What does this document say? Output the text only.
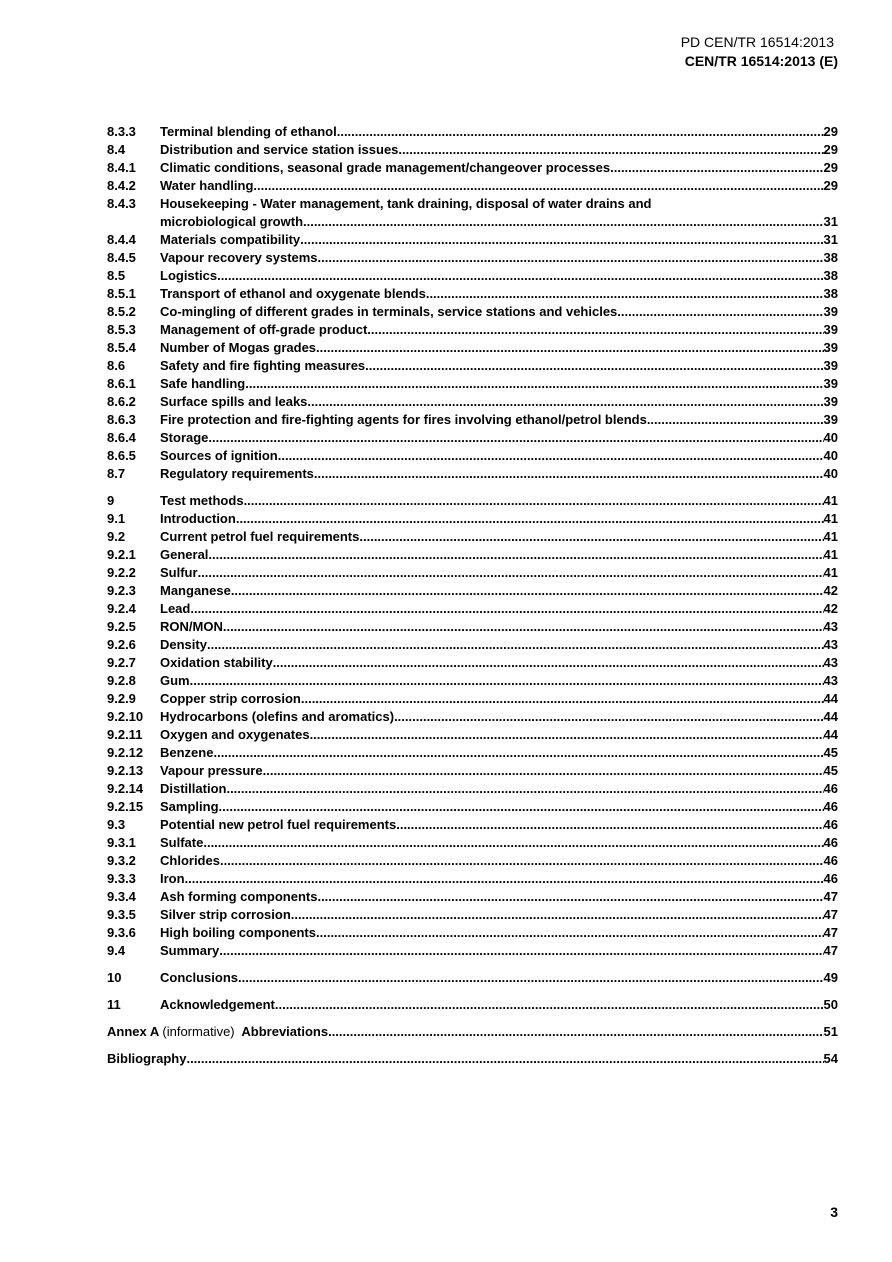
PD CEN/TR 16514:2013
CEN/TR 16514:2013 (E)
8.3.3 Terminal blending of ethanol .....	29
8.4	Distribution and service station issues .....	29
8.4.1 Climatic conditions, seasonal grade management/changeover processes .....	29
8.4.2 Water handling .....	29
8.4.3 Housekeeping - Water management, tank draining, disposal of water drains and
microbiological growth .....	31
8.4.4 Materials compatibility .....	31
8.4.5 Vapour recovery systems .....	38
8.5	Logistics .....	38
8.5.1 Transport of ethanol and oxygenate blends .....	38
8.5.2 Co-mingling of different grades in terminals, service stations and vehicles .....	39
8.5.3 Management of off-grade product .....	39
8.5.4 Number of Mogas grades .....	39
8.6	Safety and fire fighting measures .....	39
8.6.1 Safe handling .....	39
8.6.2 Surface spills and leaks .....	39
8.6.3 Fire protection and fire-fighting agents for fires involving ethanol/petrol blends .....	39
8.6.4 Storage .....	40
8.6.5 Sources of ignition .....	40
8.7	Regulatory requirements .....	40
9	Test methods .....	41
9.1	Introduction .....	41
9.2	Current petrol fuel requirements .....	41
9.2.1 General .....	41
9.2.2 Sulfur .....	41
9.2.3 Manganese .....	42
9.2.4 Lead .....	42
9.2.5 RON/MON .....	43
9.2.6 Density .....	43
9.2.7 Oxidation stability .....	43
9.2.8 Gum .....	43
9.2.9 Copper strip corrosion .....	44
9.2.10 Hydrocarbons (olefins and aromatics) .....	44
9.2.11 Oxygen and oxygenates .....	44
9.2.12 Benzene .....	45
9.2.13 Vapour pressure .....	45
9.2.14 Distillation .....	46
9.2.15 Sampling .....	46
9.3	Potential new petrol fuel requirements .....	46
9.3.1 Sulfate .....	46
9.3.2 Chlorides .....	46
9.3.3 Iron .....	46
9.3.4 Ash forming components .....	47
9.3.5 Silver strip corrosion .....	47
9.3.6 High boiling components .....	47
9.4	Summary .....	47
10	Conclusions .....	49
11	Acknowledgement .....	50
Annex A (informative) Abbreviations .....	51
Bibliography .....	54
3
